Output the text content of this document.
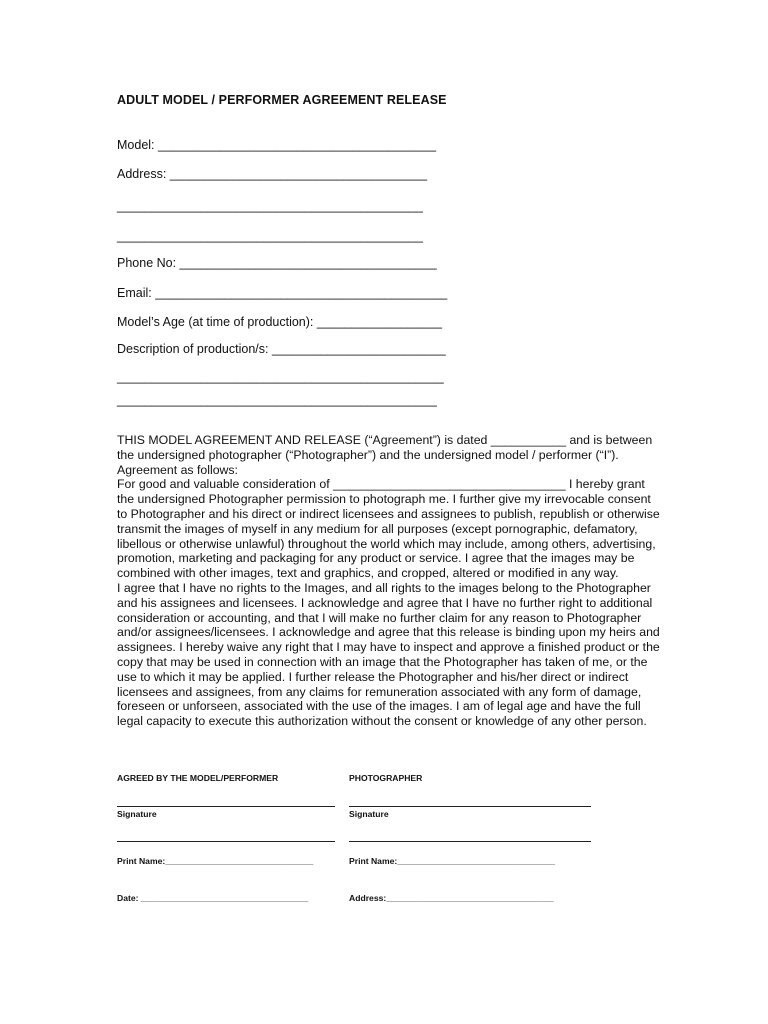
ADULT MODEL / PERFORMER AGREEMENT RELEASE
Model: ________________________________________
Address: _____________________________________
____________________________________________
____________________________________________
Phone No: _____________________________________
Email: __________________________________________
Model’s Age (at time of production): __________________
Description of production/s: _________________________
_______________________________________________
______________________________________________

THIS MODEL AGREEMENT AND RELEASE (“Agreement”) is dated ___________ and is between the undersigned photographer (“Photographer”) and the undersigned model / performer (“I”). Agreement as follows:

For good and valuable consideration of __________________________________ I hereby grant the undersigned Photographer permission to photograph me. I further give my irrevocable consent to Photographer and his direct or indirect licensees and assignees to publish, republish or otherwise transmit the images of myself in any medium for all purposes (except pornographic, defamatory, libellous or otherwise unlawful) throughout the world which may include, among others, advertising, promotion, marketing and packaging for any product or service. I agree that the images may be combined with other images, text and graphics, and cropped, altered or modified in any way.

I agree that I have no rights to the Images, and all rights to the images belong to the Photographer and his assignees and licensees. I acknowledge and agree that I have no further right to additional consideration or accounting, and that I will make no further claim for any reason to Photographer and/or assignees/licensees. I acknowledge and agree that this release is binding upon my heirs and assignees. I hereby waive any right that I may have to inspect and approve a finished product or the copy that may be used in connection with an image that the Photographer has taken of me, or the use to which it may be applied. I further release the Photographer and his/her direct or indirect licensees and assignees, from any claims for remuneration associated with any form of damage, foreseen or unforseen, associated with the use of the images. I am of legal age and have the full legal capacity to execute this authorization without the consent or knowledge of any other person.

AGREED BY THE MODEL/PERFORMER
Signature
Print Name:_______________________________
Date: ___________________________________
PHOTOGRAPHER
Signature
Print Name:_________________________________
Address:___________________________________
